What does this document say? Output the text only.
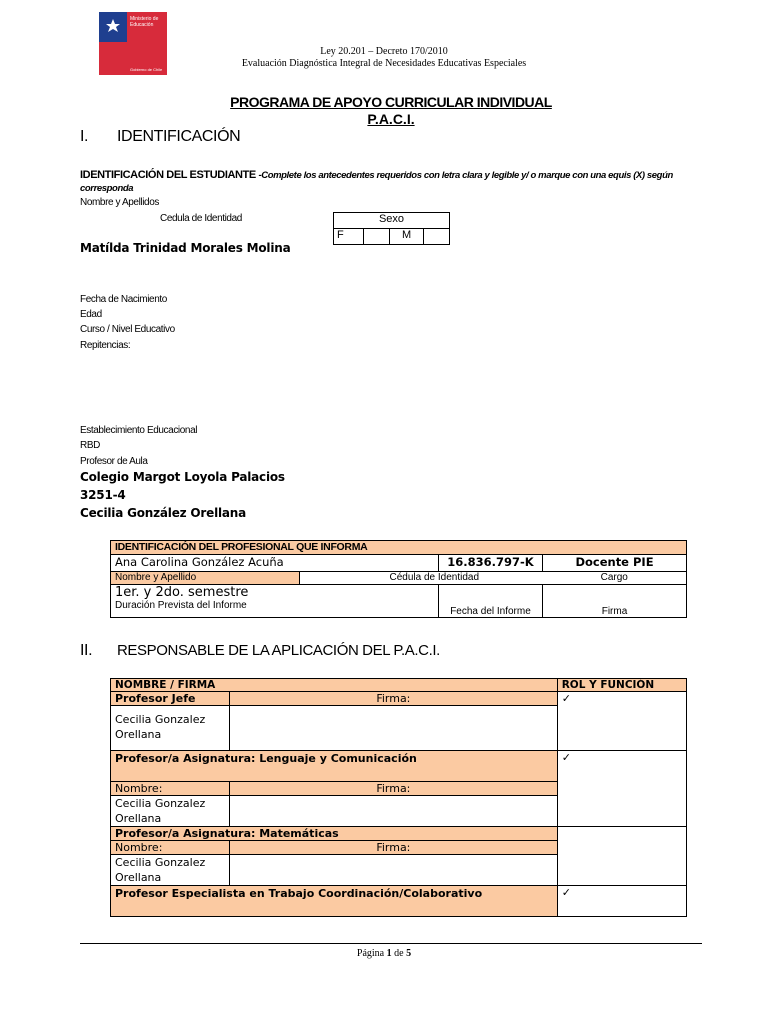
Ministerio de
Educación
Gobierno de Chile
Ley 20.201 – Decreto 170/2010
Evaluación Diagnóstica Integral de Necesidades Educativas Especiales
PROGRAMA DE APOYO CURRICULAR INDIVIDUAL
P.A.C.I.
I. IDENTIFICACIÓN
IDENTIFICACIÓN DEL ESTUDIANTE -Complete los antecedentes requeridos con letra clara y legible y/ o marque con una equis (X) según
corresponda
Nombre y Apellidos
Cedula de Identidad	Sexo
F		M	
Matílda Trinidad Morales Molina
Fecha de Nacimiento
Edad
Curso / Nivel Educativo
Repitencias:
Establecimiento Educacional
RBD
Profesor de Aula
Colegio Margot Loyola Palacios
3251-4
Cecilia González Orellana
IDENTIFICACIÓN DEL PROFESIONAL QUE INFORMA			
Ana Carolina González Acuña		16.836.797-K	Docente PIE
Nombre y Apellido	Cédula de Identidad		Cargo

1er. y 2do. semestre
Duración Prevista del Informe		Fecha del Informe	Firma
II. RESPONSABLE DE LA APLICACIÓN DEL P.A.C.I.
NOMBRE / FIRMA		ROL Y FUNCIÓN
Profesor Jefe	Firma:	✓
Cecilia Gonzalez Orellana		
Profesor/a Asignatura: Lenguaje y Comunicación		✓
Nombre:	Firma:	
Cecilia Gonzalez Orellana		
Profesor/a Asignatura: Matemáticas		
Nombre:	Firma:	
Cecilia Gonzalez Orellana		
Profesor Especialista en Trabajo Coordinación/Colaborativo		✓
Página 1 de 5
